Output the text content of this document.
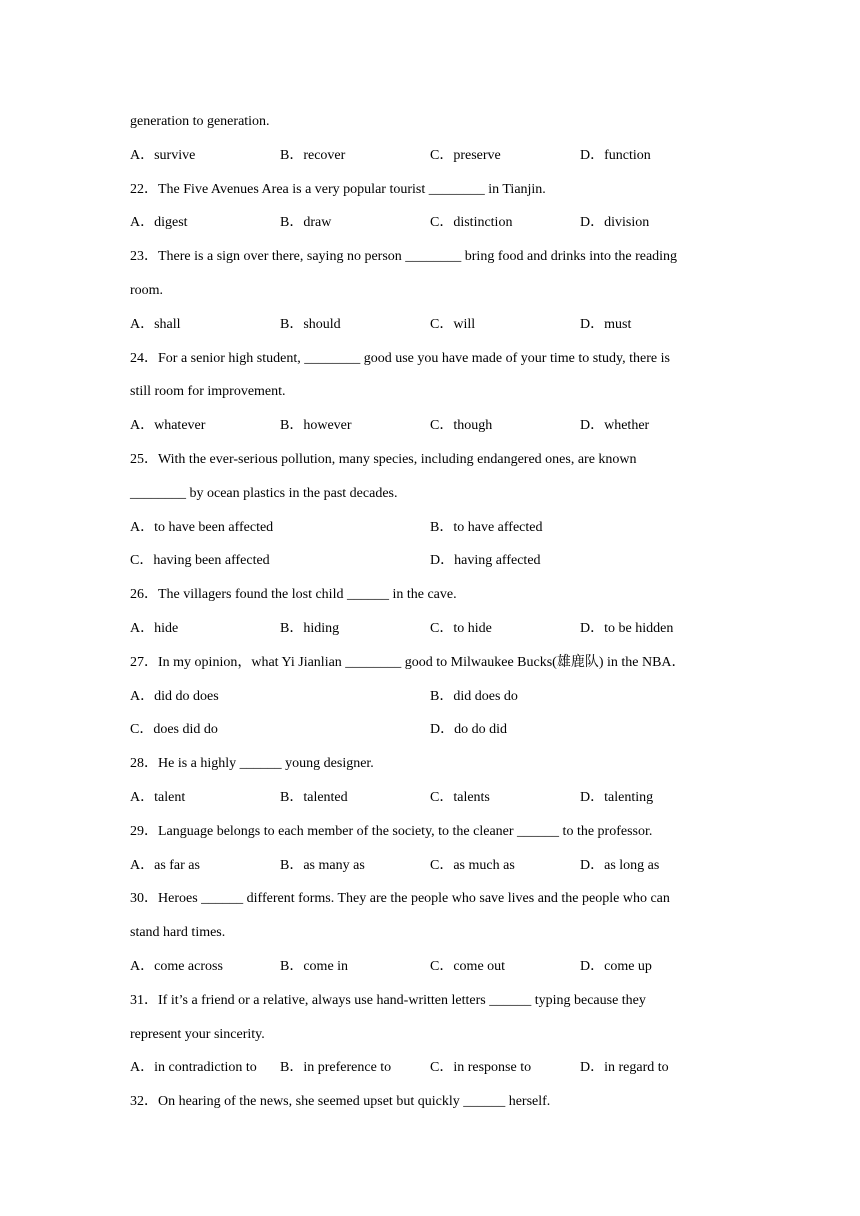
generation to generation.
A．survive	B．recover	C．preserve	D．function
22．The Five Avenues Area is a very popular tourist ________ in Tianjin.
A．digest	B．draw	C．distinction	D．division
23．There is a sign over there, saying no person ________ bring food and drinks into the reading
room.
A．shall	B．should	C．will	D．must
24．For a senior high student, ________ good use you have made of your time to study, there is
still room for improvement.
A．whatever	B．however	C．though	D．whether
25．With the ever-serious pollution, many species, including endangered ones, are known
________ by ocean plastics in the past decades.
A．to have been affected	B．to have affected
C．having been affected	D．having affected
26．The villagers found the lost child ______ in the cave.
A．hide	B．hiding	C．to hide	D．to be hidden
27．In my opinion，what Yi Jianlian ________ good to Milwaukee Bucks(雄鹿队) in the NBA．
A．did do does	B．did does do
C．does did do	D．do do did
28．He is a highly ______ young designer.
A．talent	B．talented	C．talents	D．talenting
29．Language belongs to each member of the society, to the cleaner ______ to the professor.
A．as far as	B．as many as	C．as much as	D．as long as
30．Heroes ______ different forms. They are the people who save lives and the people who can
stand hard times.
A．come across	B．come in	C．come out	D．come up
31．If it’s a friend or a relative, always use hand-written letters ______ typing because they
represent your sincerity.
A．in contradiction to	B．in preference to	C．in response to	D．in regard to
32．On hearing of the news, she seemed upset but quickly ______ herself.
